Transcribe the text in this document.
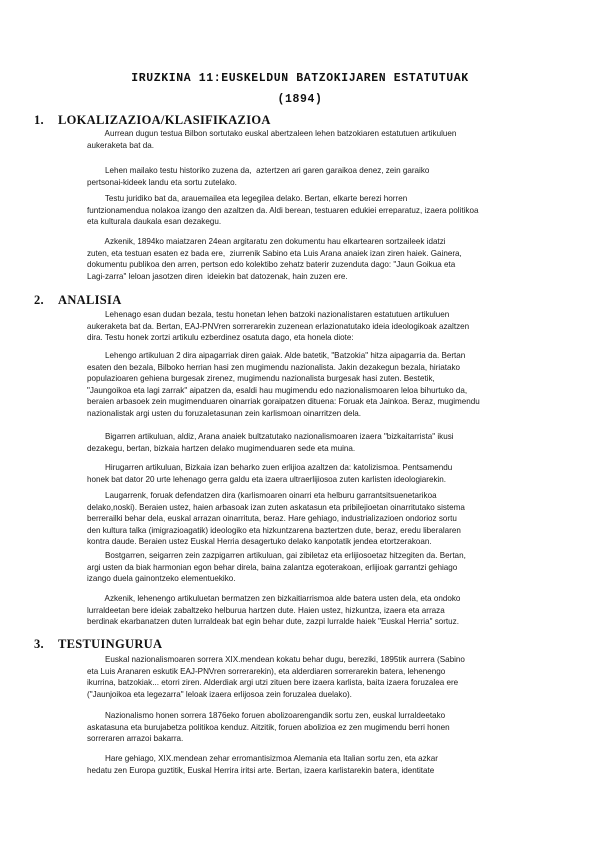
IRUZKINA 11:EUSKELDUN BATZOKIJAREN ESTATUTUAK
(1894)
1. LOKALIZAZIOA/KLASIFIKAZIOA
Aurrean dugun testua Bilbon sortutako euskal abertzaleen lehen batzokiaren estatutuen artikuluen
aukeraketa bat da.
Lehen mailako testu historiko zuzena da,  aztertzen ari garen garaikoa denez, zein garaiko
pertsonai-kideek landu eta sortu zutelako.
Testu juridiko bat da, arauemailea eta legegilea delako. Bertan, elkarte berezi horren
funtzionamendua nolakoa izango den azaltzen da. Aldi berean, testuaren edukiei erreparatuz, izaera politikoa
eta kulturala daukala esan dezakegu.
Azkenik, 1894ko maiatzaren 24ean argitaratu zen dokumentu hau elkartearen sortzaileek idatzi
zuten, eta testuan esaten ez bada ere,  ziurrenik Sabino eta Luis Arana anaiek izan ziren haiek. Gainera,
dokumentu publikoa den arren, pertson edo kolektibo zehatz baterir zuzenduta dago: "Jaun Goikua eta
Lagi-zarra" leloan jasotzen diren  ideiekin bat datozenak, hain zuzen ere.
2. ANALISIA
Lehenago esan dudan bezala, testu honetan lehen batzoki nazionalistaren estatutuen artikuluen
aukeraketa bat da. Bertan, EAJ-PNVren sorrerarekin zuzenean erlazionatutako ideia ideologikoak azaltzen
dira. Testu honek zortzi artikulu ezberdinez osatuta dago, eta honela diote:
Lehengo artikuluan 2 dira aipagarriak diren gaiak. Alde batetik, "Batzokia" hitza aipagarria da. Bertan
esaten den bezala, Bilboko herrian hasi zen mugimendu nazionalista. Jakin dezakegun bezala, hiriatako
populazioaren gehiena burgesak zirenez, mugimendu nazionalista burgesak hasi zuten. Bestetik,
"Jaungoikoa eta lagi zarrak" aipatzen da, esaldi hau mugimendu edo nazionalismoaren leloa bihurtuko da,
beraien arbasoek zein mugimenduaren oinarriak goraipatzen dituena: Foruak eta Jainkoa. Beraz, mugimendu
nazionalistak argi usten du foruzaletasunan zein karlismoan oinarritzen dela.
Bigarren artikuluan, aldiz, Arana anaiek bultzatutako nazionalismoaren izaera "bizkaitarrista" ikusi
dezakegu, bertan, bizkaia hartzen delako mugimenduaren sede eta muina.
Hirugarren artikuluan, Bizkaia izan beharko zuen erlijioa azaltzen da: katolizismoa. Pentsamendu
honek bat dator 20 urte lehenago gerra galdu eta izaera ultraerlijiosoa zuten karlisten ideologiarekin.
Laugarrenk, foruak defendatzen dira (karlismoaren oinarri eta helburu garrantsitsuenetarikoa
delako,noski). Beraien ustez, haien arbasoak izan zuten askatasun eta pribilejioetan oinarritutako sistema
berrerailki behar dela, euskal arrazan oinarrituta, beraz. Hare gehiago, industrializazioen ondorioz sortu
den kultura talka (imigrazioagatik) ideologiko eta hizkuntzarena baztertzen dute, beraz, eredu liberalaren
kontra daude. Beraien ustez Euskal Herria desagertuko delako kanpotatik jendea etortzerakoan.
Bostgarren, seigarren zein zazpigarren artikuluan, gai zibiletaz eta erlijiosoetaz hitzegiten da. Bertan,
argi usten da biak harmonian egon behar direla, baina zalantza egoterakoan, erlijioak garrantzi gehiago
izango duela gainontzeko elementuekiko.
Azkenik, lehenengo artikuluetan bermatzen zen bizkaitiarrismoa alde batera usten dela, eta ondoko
lurraldeetan bere ideiak zabaltzeko helburua hartzen dute. Haien ustez, hizkuntza, izaera eta arraza
berdinak ekarbanatzen duten lurraldeak bat egin behar dute, zazpi lurralde haiek "Euskal Herria" sortuz.
3. TESTUINGURUA
Euskal nazionalismoaren sorrera XIX.mendean kokatu behar dugu, bereziki, 1895tik aurrera (Sabino
eta Luis Aranaren eskutik EAJ-PNVren sorrerarekin), eta alderdiaren sorrerarekin batera, lehenengo
ikurrina, batzokiak... etorri ziren. Alderdiak argi utzi zituen bere izaera karlista, baita izaera foruzalea ere
("Jaunjoikoa eta legezarra" leloak izaera erlijosoa zein foruzalea duelako).
Nazionalismo honen sorrera 1876eko foruen abolizoarengandik sortu zen, euskal lurraldeetako
askatasuna eta burujabetza politikoa kenduz. Aitzitik, foruen abolizioa ez zen mugimendu berri honen
sorreraren arrazoi bakarra.
Hare gehiago, XIX.mendean zehar erromantisizmoa Alemania eta Italian sortu zen, eta azkar
hedatu zen Europa guztitik, Euskal Herrira iritsi arte. Bertan, izaera karlistarekin batera, identitate
